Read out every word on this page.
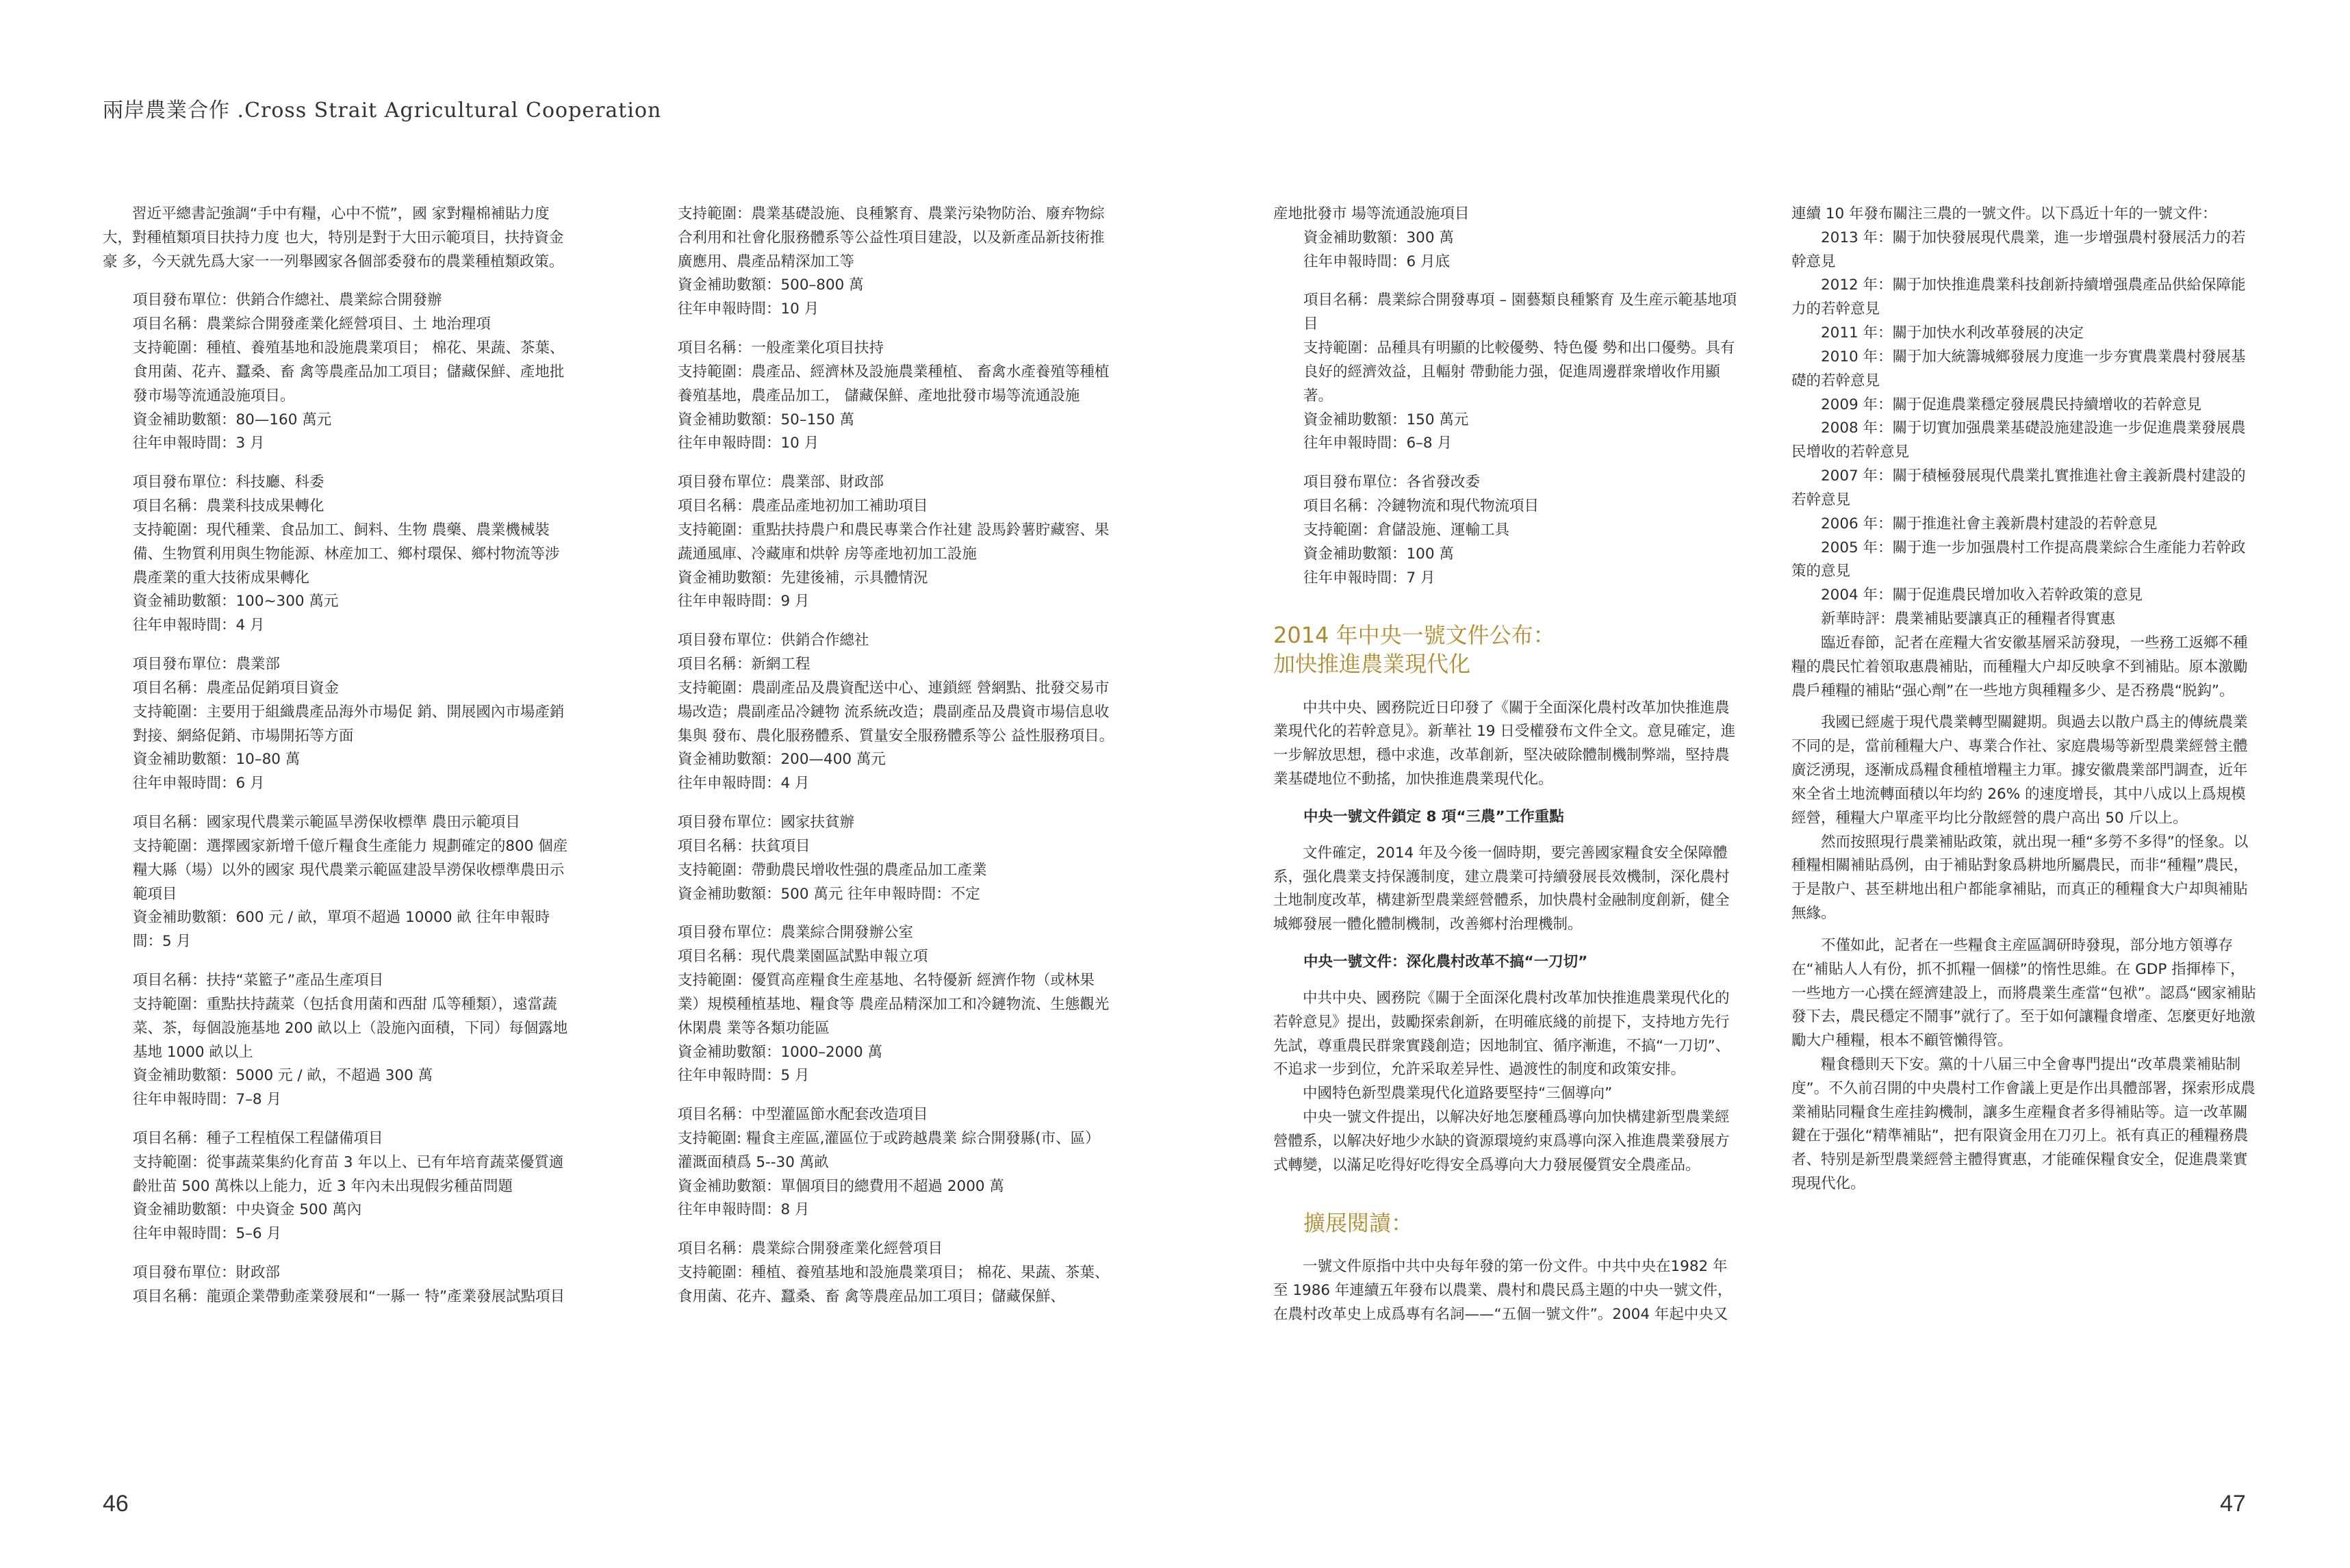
兩岸農業合作 .Cross Strait Agricultural Cooperation

習近平總書記強調“手中有糧，心中不慌”，國 家對糧棉補貼力度大，對種植類項目扶持力度 也大，特別是對于大田示範項目，扶持資金豪 多，今天就先爲大家一一列舉國家各個部委發布的農業種植類政策。

項目發布單位：供銷合作總社、農業綜合開發辦
項目名稱：農業綜合開發產業化經營項目、土 地治理項
支持範圍：種植、養殖基地和設施農業項目； 棉花、果蔬、茶葉、食用菌、花卉、蠶桑、畜 禽等農產品加工項目；儲藏保鮮、產地批發市場等流通設施項目。
資金補助數額：80—160 萬元
往年申報時間：3 月
項目發布單位：科技廳、科委
項目名稱：農業科技成果轉化
支持範圍：現代種業、食品加工、飼料、生物 農藥、農業機械裝備、生物質利用與生物能源、林産加工、鄉村環保、鄉村物流等涉農產業的重大技術成果轉化
資金補助數額：100~300 萬元
往年申報時間：4 月
項目發布單位：農業部
項目名稱：農產品促銷項目資金
支持範圍：主要用于組織農產品海外市場促 銷、開展國內市場產銷對接、網絡促銷、市場開拓等方面
資金補助數額：10–80 萬
往年申報時間：6 月
項目名稱：國家現代農業示範區旱澇保收標準 農田示範項目
支持範圍：選擇國家新增千億斤糧食生產能力 規劃確定的800 個産糧大縣（場）以外的國家 現代農業示範區建設旱澇保收標準農田示範項目
資金補助數額：600 元 / 畝，單項不超過 10000 畝 往年申報時間：5 月
項目名稱：扶持“菜籃子”產品生產項目
支持範圍：重點扶持蔬菜（包括食用菌和西甜 瓜等種類），遠當蔬菜、茶，每個設施基地 200 畝以上（設施內面積，下同）每個露地基地 1000 畝以上
資金補助數額：5000 元 / 畝，不超過 300 萬
往年申報時間：7–8 月
項目名稱：種子工程植保工程儲備項目
支持範圍：從事蔬菜集約化育苗 3 年以上、已有年培育蔬菜優質適齡壯苗 500 萬株以上能力，近 3 年內未出現假劣種苗問題
資金補助數額：中央資金 500 萬內
往年申報時間：5–6 月
項目發布單位：財政部
項目名稱：龍頭企業帶動產業發展和“一縣一 特”產業發展試點項目
支持範圍：農業基礎設施、良種繁育、農業污染物防治、廢弃物綜合利用和社會化服務體系等公益性項目建設，以及新產品新技術推廣應用、農產品精深加工等
資金補助數額：500–800 萬
往年申報時間：10 月
項目名稱：一般產業化項目扶持
支持範圍：農產品、經濟林及設施農業種植、 畜禽水產養殖等種植養殖基地，農產品加工， 儲藏保鮮、產地批發市場等流通設施
資金補助數額：50–150 萬
往年申報時間：10 月
項目發布單位：農業部、財政部
項目名稱：農產品產地初加工補助項目
支持範圍：重點扶持農户和農民專業合作社建 設馬鈴薯貯藏窖、果蔬通風庫、冷藏庫和烘幹 房等產地初加工設施
資金補助數額：先建後補，示具體情況
往年申報時間：9 月
項目發布單位：供銷合作總社
項目名稱：新網工程
支持範圍：農副產品及農資配送中心、連鎖經 營網點、批發交易市場改造；農副產品冷鏈物 流系統改造；農副產品及農資市場信息收集與 發布、農化服務體系、質量安全服務體系等公 益性服務項目。
資金補助數額：200—400 萬元
往年申報時間：4 月
項目發布單位：國家扶貧辦
項目名稱：扶貧項目
支持範圍：帶動農民增收性强的農產品加工產業
資金補助數額：500 萬元 往年申報時間：不定
項目發布單位：農業綜合開發辦公室
項目名稱：現代農業園區試點申報立項
支持範圍：優質高産糧食生産基地、名特優新 經濟作物（或林果業）規模種植基地、糧食等 農産品精深加工和冷鏈物流、生態觀光休閑農 業等各類功能區
資金補助數額：1000–2000 萬
往年申報時間：5 月
項目名稱：中型灌區節水配套改造項目
支持範圍: 糧食主産區,灌區位于或跨越農業 綜合開發縣(市、區）灌溉面積爲 5--30 萬畝
資金補助數額：單個項目的總費用不超過 2000 萬
往年申報時間：8 月
項目名稱：農業綜合開發產業化經營項目
支持範圍：種植、養殖基地和設施農業項目； 棉花、果蔬、茶葉、食用菌、花卉、蠶桑、畜 禽等農産品加工項目；儲藏保鮮、
産地批發市 場等流通設施項目
資金補助數額：300 萬
往年申報時間：6 月底
項目名稱：農業綜合開發專項 – 園藝類良種繁育 及生産示範基地項目
支持範圍：品種具有明顯的比較優勢、特色優 勢和出口優勢。具有良好的經濟效益，且輻射 帶動能力强，促進周邊群衆增收作用顯著。
資金補助數額：150 萬元
往年申報時間：6–8 月
項目發布單位：各省發改委
項目名稱：冷鏈物流和現代物流項目
支持範圍：倉儲設施、運輸工具
資金補助數額：100 萬
往年申報時間：7 月
2014 年中央一號文件公布：
加快推進農業現代化

中共中央、國務院近日印發了《關于全面深化農村改革加快推進農業現代化的若幹意見》。新華社 19 日受權發布文件全文。意見確定，進一步解放思想，穩中求進，改革創新，堅决破除體制機制弊端，堅持農業基礎地位不動搖，加快推進農業現代化。

中央一號文件鎖定 8 項“三農”工作重點

文件確定，2014 年及今後一個時期，要完善國家糧食安全保障體系，强化農業支持保護制度，建立農業可持續發展長效機制，深化農村土地制度改革，構建新型農業經營體系，加快農村金融制度創新，健全城鄉發展一體化體制機制，改善鄉村治理機制。

中央一號文件：深化農村改革不搞“一刀切”

中共中央、國務院《關于全面深化農村改革加快推進農業現代化的若幹意見》提出，鼓勵探索創新，在明確底綫的前提下，支持地方先行先試，尊重農民群衆實踐創造；因地制宜、循序漸進，不搞“一刀切”、不追求一步到位，允許采取差异性、過渡性的制度和政策安排。

中國特色新型農業現代化道路要堅持“三個導向”

中央一號文件提出，以解决好地怎麼種爲導向加快構建新型農業經營體系，以解决好地少水缺的資源環境約束爲導向深入推進農業發展方式轉變，以滿足吃得好吃得安全爲導向大力發展優質安全農產品。

擴展閱讀：

一號文件原指中共中央每年發的第一份文件。中共中央在1982 年至 1986 年連續五年發布以農業、農村和農民爲主題的中央一號文件，在農村改革史上成爲專有名詞——“五個一號文件”。2004 年起中央又

連續 10 年發布關注三農的一號文件。以下爲近十年的一號文件：

2013 年：關于加快發展現代農業，進一步增强農村發展活力的若幹意見

2012 年：關于加快推進農業科技創新持續增强農產品供給保障能力的若幹意見

2011 年：關于加快水利改革發展的决定

2010 年：關于加大統籌城鄉發展力度進一步夯實農業農村發展基礎的若幹意見

2009 年：關于促進農業穩定發展農民持續增收的若幹意見

2008 年：關于切實加强農業基礎設施建設進一步促進農業發展農民增收的若幹意見

2007 年：關于積極發展現代農業扎實推進社會主義新農村建設的若幹意見

2006 年：關于推進社會主義新農村建設的若幹意見

2005 年：關于進一步加强農村工作提高農業綜合生產能力若幹政策的意見

2004 年：關于促進農民增加收入若幹政策的意見

新華時評：農業補貼要讓真正的種糧者得實惠

臨近春節，記者在産糧大省安徽基層采訪發現，一些務工返鄉不種糧的農民忙着領取惠農補貼，而種糧大户却反映拿不到補貼。原本激勵農戶種糧的補貼“强心劑”在一些地方與種糧多少、是否務農“脱鈎”。

我國已經處于現代農業轉型關鍵期。與過去以散户爲主的傳統農業不同的是，當前種糧大户、專業合作社、家庭農場等新型農業經營主體廣泛湧現，逐漸成爲糧食種植增糧主力軍。據安徽農業部門調查，近年來全省土地流轉面積以年均約 26% 的速度增長，其中八成以上爲規模經營，種糧大户單產平均比分散經營的農户高出 50 斤以上。

然而按照現行農業補貼政策，就出現一種“多勞不多得”的怪象。以種糧相關補貼爲例，由于補貼對象爲耕地所屬農民，而非“種糧”農民，于是散户、甚至耕地出租户都能拿補貼，而真正的種糧食大户却與補貼無緣。

不僅如此，記者在一些糧食主産區調研時發現，部分地方領導存在“補貼人人有份，抓不抓糧一個樣”的惰性思維。在 GDP 指揮棒下，一些地方一心撲在經濟建設上，而將農業生產當“包袱”。認爲“國家補貼發下去，農民穩定不鬧事”就行了。至于如何讓糧食增產、怎麼更好地激勵大户種糧，根本不顧管懶得管。

糧食穩則天下安。黨的十八届三中全會專門提出“改革農業補貼制度”。不久前召開的中央農村工作會議上更是作出具體部署，探索形成農業補貼同糧食生産挂鈎機制，讓多生産糧食者多得補貼等。這一改革關鍵在于强化“精準補貼”，把有限資金用在刀刃上。祇有真正的種糧務農者、特别是新型農業經營主體得實惠，才能確保糧食安全，促進農業實現現代化。

46	47
